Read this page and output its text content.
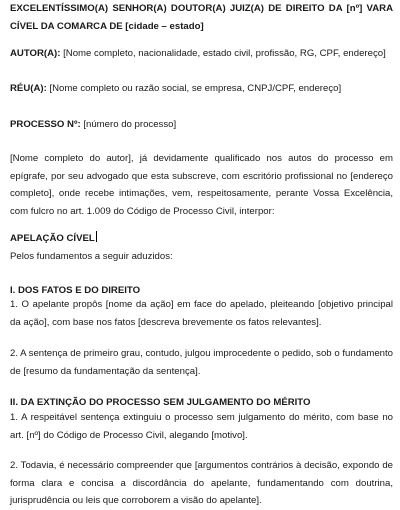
EXCELENTÍSSIMO(A) SENHOR(A) DOUTOR(A) JUIZ(A) DE DIREITO DA [nº] VARA CÍVEL DA COMARCA DE [cidade – estado]
AUTOR(A): [Nome completo, nacionalidade, estado civil, profissão, RG, CPF, endereço]
RÉU(A): [Nome completo ou razão social, se empresa, CNPJ/CPF, endereço]
PROCESSO Nº: [número do processo]
[Nome completo do autor], já devidamente qualificado nos autos do processo em epígrafe, por seu advogado que esta subscreve, com escritório profissional no [endereço completo], onde recebe intimações, vem, respeitosamente, perante Vossa Excelência, com fulcro no art. 1.009 do Código de Processo Civil, interpor:
APELAÇÃO CÍVEL
Pelos fundamentos a seguir aduzidos:
I. DOS FATOS E DO DIREITO
1. O apelante propôs [nome da ação] em face do apelado, pleiteando [objetivo principal da ação], com base nos fatos [descreva brevemente os fatos relevantes].
2. A sentença de primeiro grau, contudo, julgou improcedente o pedido, sob o fundamento de [resumo da fundamentação da sentença].
II. DA EXTINÇÃO DO PROCESSO SEM JULGAMENTO DO MÉRITO
1. A respeitável sentença extinguiu o processo sem julgamento do mérito, com base no art. [nº] do Código de Processo Civil, alegando [motivo].
2. Todavia, é necessário compreender que [argumentos contrários à decisão, expondo de forma clara e concisa a discordância do apelante, fundamentando com doutrina, jurisprudência ou leis que corroborem a visão do apelante].
